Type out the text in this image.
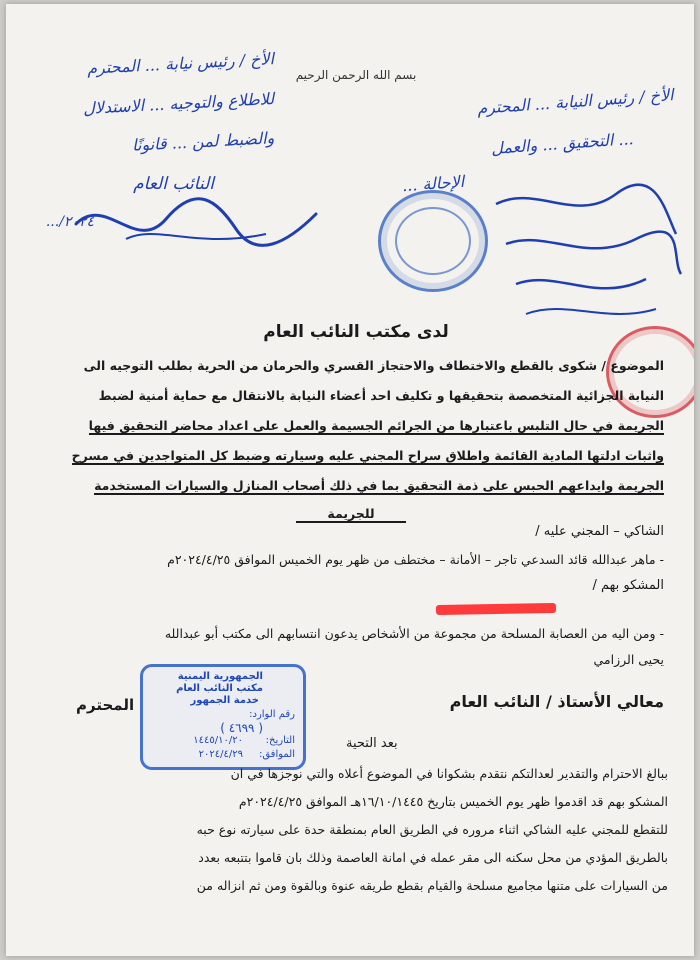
بسم الله الرحمن الرحيم
الأخ / رئيس نيابة ... المحترم
للاطلاع والتوجيه ... الاستدلال
والضبط لمن ... قانونًا
النائب العام
٢٠٢٤/...
الأخ / رئيس النيابة ... المحترم
... التحقيق ... والعمل
الإحالة ...
لدى مكتب النائب العام
الموضوع / شكوى بالقطع والاختطاف والاحتجاز القسري والحرمان من الحرية بطلب التوجيه الى
النيابة الجزائية المتخصصة بتحقيقها و تكليف احد أعضاء النيابة بالانتقال مع حماية أمنية لضبط
الجريمة في حال التلبس باعتبارها من الجرائم الجسيمة والعمل على اعداد محاضر التحقيق فيها
واثبات ادلتها المادية القائمة واطلاق سراح المجني عليه وسيارته وضبط كل المتواجدين في مسرح
الجريمة وايداعهم الحبس على ذمة التحقيق بما في ذلك أصحاب المنازل والسيارات المستخدمة
للجريمة
الشاكي – المجني عليه /
- ماهر عبدالله قائد السدعي تاجر – الأمانة – مختطف من ظهر يوم الخميس الموافق ٢٠٢٤/٤/٢٥م
المشكو بهم /
- ومن اليه من العصابة المسلحة من مجموعة من الأشخاص يدعون انتسابهم الى مكتب أبو عبدالله
يحيى الرزامي
الجمهورية اليمنية
مكتب النائب العام
خدمة الجمهور
رقم الوارد:
( ٤٦٩٩ )
التاريخ:
١٤٤٥/١٠/٢٠
الموافق:
٢٠٢٤/٤/٢٩
المحترم	معالي الأستاذ / النائب العام
بعد التحية
ببالغ الاحترام والتقدير لعدالتكم نتقدم بشكوانا في الموضوع أعلاه والتي نوجزها في ان
المشكو بهم قد اقدموا ظهر يوم الخميس بتاريخ ١٦/١٠/١٤٤٥هـ الموافق ٢٠٢٤/٤/٢٥م
للتقطع للمجني عليه الشاكي اثناء مروره في الطريق العام بمنطقة حدة على سيارته نوع حبه
بالطريق المؤدي من محل سكنه الى مقر عمله في امانة العاصمة وذلك بان قاموا بتتبعه بعدد
من السيارات على متنها مجاميع مسلحة والقيام بقطع طريقه عنوة وبالقوة ومن ثم انزاله من
